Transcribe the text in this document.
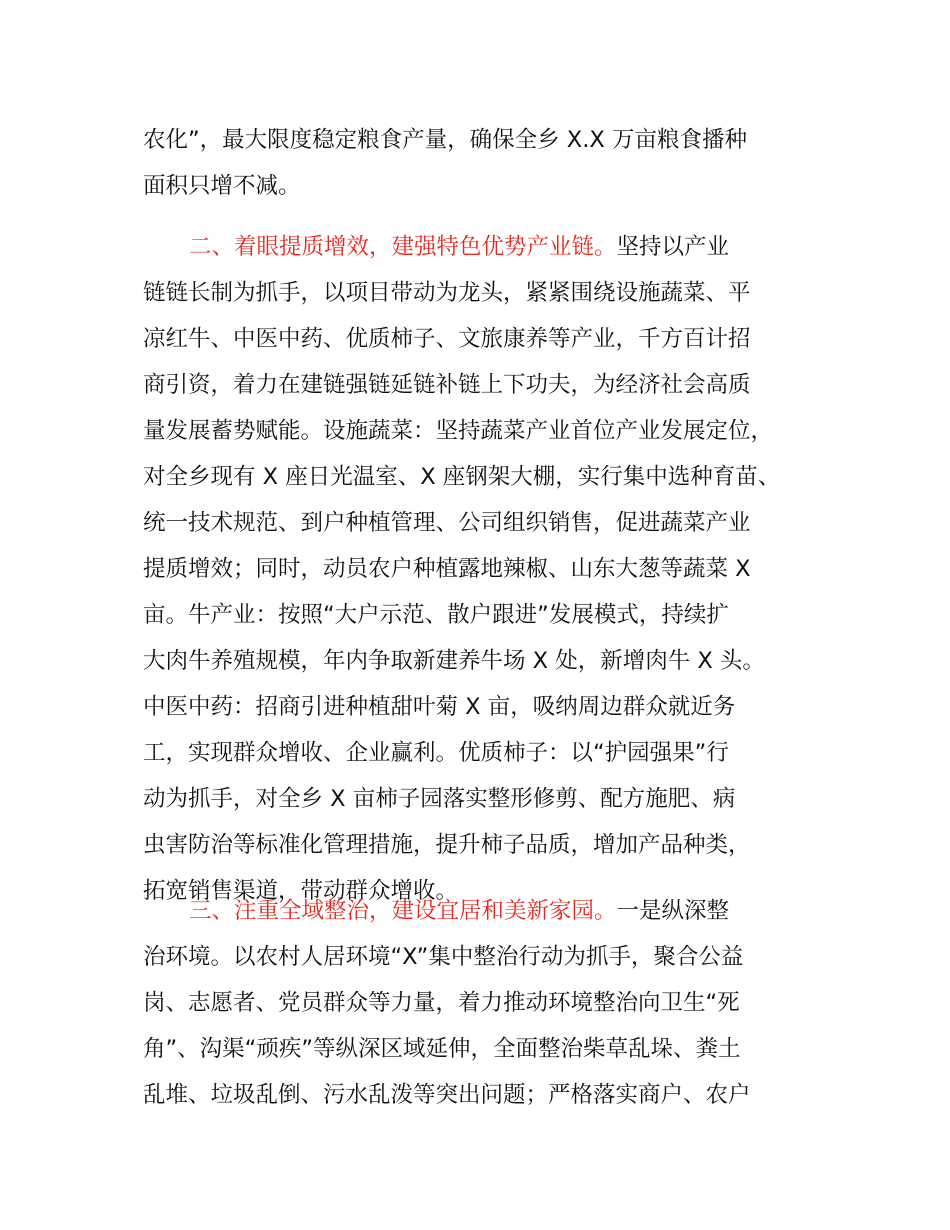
农化”，最大限度稳定粮食产量，确保全乡 X.X 万亩粮食播种
面积只增不减。
二、着眼提质增效，建强特色优势产业链。坚持以产业
链链长制为抓手，以项目带动为龙头，紧紧围绕设施蔬菜、平
凉红牛、中医中药、优质柿子、文旅康养等产业，千方百计招
商引资，着力在建链强链延链补链上下功夫，为经济社会高质
量发展蓄势赋能。设施蔬菜：坚持蔬菜产业首位产业发展定位，
对全乡现有 X 座日光温室、X 座钢架大棚，实行集中选种育苗、
统一技术规范、到户种植管理、公司组织销售，促进蔬菜产业
提质增效；同时，动员农户种植露地辣椒、山东大葱等蔬菜 X
亩。牛产业：按照“大户示范、散户跟进”发展模式，持续扩
大肉牛养殖规模，年内争取新建养牛场 X 处，新增肉牛 X 头。
中医中药：招商引进种植甜叶菊 X 亩，吸纳周边群众就近务
工，实现群众增收、企业赢利。优质柿子：以“护园强果”行
动为抓手，对全乡 X 亩柿子园落实整形修剪、配方施肥、病
虫害防治等标准化管理措施，提升柿子品质，增加产品种类，
拓宽销售渠道，带动群众增收。
三、注重全域整治，建设宜居和美新家园。一是纵深整
治环境。以农村人居环境“X”集中整治行动为抓手，聚合公益
岗、志愿者、党员群众等力量，着力推动环境整治向卫生“死
角”、沟渠“顽疾”等纵深区域延伸，全面整治柴草乱垛、粪土
乱堆、垃圾乱倒、污水乱泼等突出问题；严格落实商户、农户
